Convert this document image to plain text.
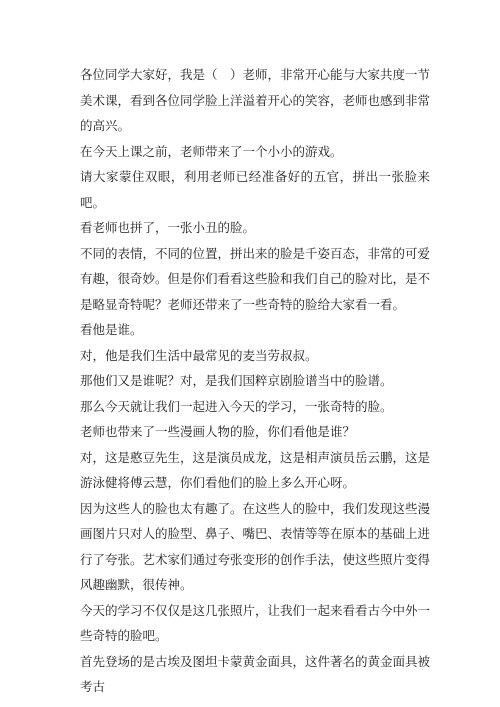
各位同学大家好，我是（　）老师，非常开心能与大家共度一节美术课，看到各位同学脸上洋溢着开心的笑容，老师也感到非常的高兴。

在今天上课之前，老师带来了一个小小的游戏。

请大家蒙住双眼，利用老师已经准备好的五官，拼出一张脸来吧。

看老师也拼了，一张小丑的脸。

不同的表情，不同的位置，拼出来的脸是千姿百态，非常的可爱有趣，很奇妙。但是你们看看这些脸和我们自己的脸对比，是不是略显奇特呢？老师还带来了一些奇特的脸给大家看一看。

看他是谁。

对，他是我们生活中最常见的麦当劳叔叔。

那他们又是谁呢？对，是我们国粹京剧脸谱当中的脸谱。

那么今天就让我们一起进入今天的学习，一张奇特的脸。

老师也带来了一些漫画人物的脸，你们看他是谁？

对，这是憨豆先生，这是演员成龙，这是相声演员岳云鹏，这是游泳健将傅云慧，你们看他们的脸上多么开心呀。

因为这些人的脸也太有趣了。在这些人的脸中，我们发现这些漫画图片只对人的脸型、鼻子、嘴巴、表情等等在原本的基础上进行了夸张。艺术家们通过夸张变形的创作手法，使这些照片变得风趣幽默，很传神。

今天的学习不仅仅是这几张照片，让我们一起来看看古今中外一些奇特的脸吧。

首先登场的是古埃及图坦卡蒙黄金面具，这件著名的黄金面具被考古
